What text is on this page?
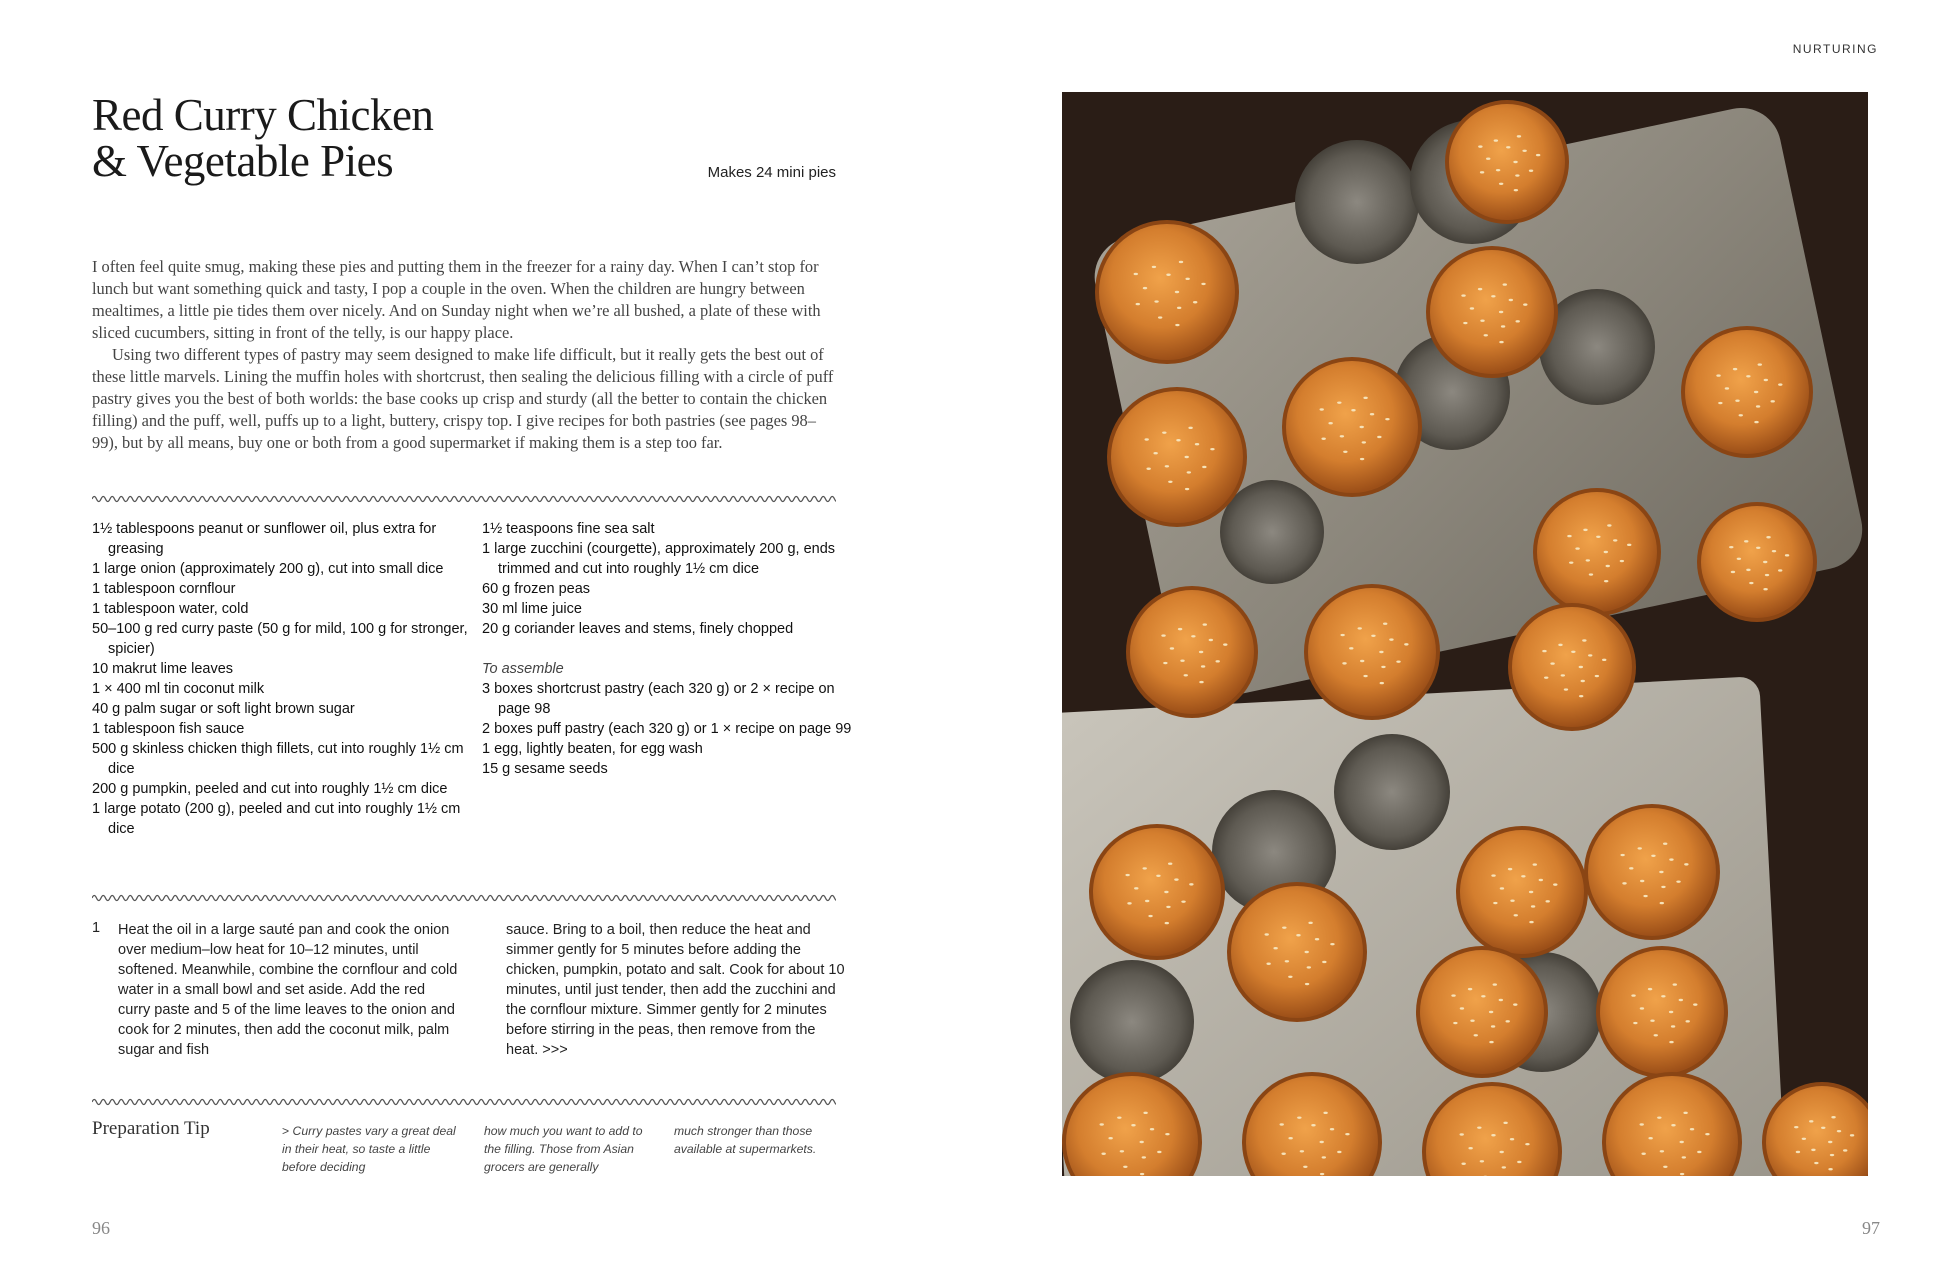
NURTURING
Red Curry Chicken
& Vegetable Pies	Makes 24 mini pies

I often feel quite smug, making these pies and putting them in the freezer for a rainy day. When I can’t stop for lunch but want something quick and tasty, I pop a couple in the oven. When the children are hungry between mealtimes, a little pie tides them over nicely. And on Sunday night when we’re all bushed, a plate of these with sliced cucumbers, sitting in front of the telly, is our happy place.

Using two different types of pastry may seem designed to make life difficult, but it really gets the best out of these little marvels. Lining the muffin holes with shortcrust, then sealing the delicious filling with a circle of puff pastry gives you the best of both worlds: the base cooks up crisp and sturdy (all the better to contain the chicken filling) and the puff, well, puffs up to a light, buttery, crispy top. I give recipes for both pastries (see pages 98–99), but by all means, buy one or both from a good supermarket if making them is a step too far.

1½ tablespoons peanut or sunflower oil, plus extra for greasing
1 large onion (approximately 200 g), cut into small dice
1 tablespoon cornflour
1 tablespoon water, cold
50–100 g red curry paste (50 g for mild, 100 g for stronger, spicier)
10 makrut lime leaves
1 × 400 ml tin coconut milk
40 g palm sugar or soft light brown sugar
1 tablespoon fish sauce
500 g skinless chicken thigh fillets, cut into roughly 1½ cm dice
200 g pumpkin, peeled and cut into roughly 1½ cm dice
1 large potato (200 g), peeled and cut into roughly 1½ cm dice
1½ teaspoons fine sea salt
1 large zucchini (courgette), approximately 200 g, ends trimmed and cut into roughly 1½ cm dice
60 g frozen peas
30 ml lime juice
20 g coriander leaves and stems, finely chopped
To assemble
3 boxes shortcrust pastry (each 320 g) or 2 × recipe on page 98
2 boxes puff pastry (each 320 g) or 1 × recipe on page 99
1 egg, lightly beaten, for egg wash
15 g sesame seeds
1 Heat the oil in a large sauté pan and cook the onion over medium–low heat for 10–12 minutes, until softened. Meanwhile, combine the cornflour and cold water in a small bowl and set aside. Add the red curry paste and 5 of the lime leaves to the onion and cook for 2 minutes, then add the coconut milk, palm sugar and fish
sauce. Bring to a boil, then reduce the heat and simmer gently for 5 minutes before adding the chicken, pumpkin, potato and salt. Cook for about 10 minutes, until just tender, then add the zucchini and the cornflour mixture. Simmer gently for 2 minutes before stirring in the peas, then remove from the heat. >>>
Preparation Tip	> Curry pastes vary a great deal in their heat, so taste a little before deciding
how much you want to add to the filling. Those from Asian grocers are generally
much stronger than those available at supermarkets.
96	97
